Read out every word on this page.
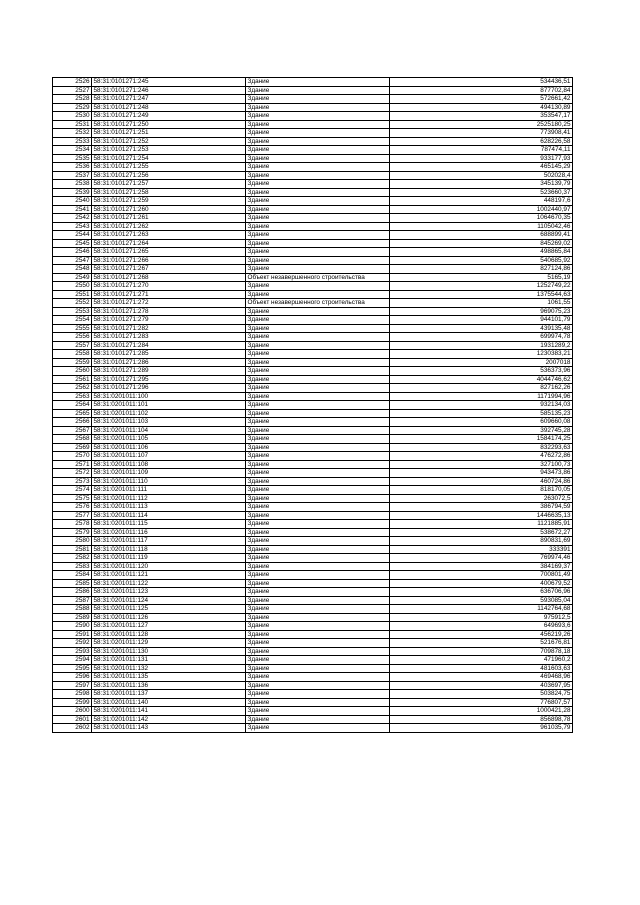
2526	58:31:0101271:245	Здание	534436,51
2527	58:31:0101271:246	Здание	877702,84
2528	58:31:0101271:247	Здание	572661,42
2529	58:31:0101271:248	Здание	494130,89
2530	58:31:0101271:249	Здание	353547,17
2531	58:31:0101271:250	Здание	2525180,25
2532	58:31:0101271:251	Здание	773908,41
2533	58:31:0101271:252	Здание	628226,58
2534	58:31:0101271:253	Здание	787474,11
2535	58:31:0101271:254	Здание	933177,93
2536	58:31:0101271:255	Здание	465145,29
2537	58:31:0101271:256	Здание	502028,4
2538	58:31:0101271:257	Здание	345139,79
2539	58:31:0101271:258	Здание	523660,37
2540	58:31:0101271:259	Здание	448197,6
2541	58:31:0101271:260	Здание	1002440,97
2542	58:31:0101271:261	Здание	1064670,35
2543	58:31:0101271:262	Здание	1105042,46
2544	58:31:0101271:263	Здание	688899,41
2545	58:31:0101271:264	Здание	845269,02
2546	58:31:0101271:265	Здание	498865,84
2547	58:31:0101271:266	Здание	540685,92
2548	58:31:0101271:267	Здание	827124,86
2549	58:31:0101271:268	Объект незавершенного строительства	5165,19
2550	58:31:0101271:270	Здание	1252749,22
2551	58:31:0101271:271	Здание	1375544,63
2552	58:31:0101271:272	Объект незавершенного строительства	1061,55
2553	58:31:0101271:278	Здание	969075,23
2554	58:31:0101271:279	Здание	944101,79
2555	58:31:0101271:282	Здание	439135,48
2556	58:31:0101271:283	Здание	699974,78
2557	58:31:0101271:284	Здание	1931289,2
2558	58:31:0101271:285	Здание	1230383,21
2559	58:31:0101271:286	Здание	2007018
2560	58:31:0101271:289	Здание	536373,96
2561	58:31:0101271:295	Здание	4044746,62
2562	58:31:0101271:296	Здание	827162,26
2563	58:31:0201011:100	Здание	1171994,96
2564	58:31:0201011:101	Здание	932134,03
2565	58:31:0201011:102	Здание	585135,23
2566	58:31:0201011:103	Здание	609660,08
2567	58:31:0201011:104	Здание	392745,28
2568	58:31:0201011:105	Здание	1584174,25
2569	58:31:0201011:106	Здание	832293,63
2570	58:31:0201011:107	Здание	476272,86
2571	58:31:0201011:108	Здание	327100,73
2572	58:31:0201011:109	Здание	943473,86
2573	58:31:0201011:110	Здание	460724,86
2574	58:31:0201011:111	Здание	818170,05
2575	58:31:0201011:112	Здание	263072,5
2576	58:31:0201011:113	Здание	386794,59
2577	58:31:0201011:114	Здание	1446635,13
2578	58:31:0201011:115	Здание	1121885,91
2579	58:31:0201011:116	Здание	538672,27
2580	58:31:0201011:117	Здание	890831,69
2581	58:31:0201011:118	Здание	333391
2582	58:31:0201011:119	Здание	769974,46
2583	58:31:0201011:120	Здание	384169,37
2584	58:31:0201011:121	Здание	700801,49
2585	58:31:0201011:122	Здание	400679,52
2586	58:31:0201011:123	Здание	636706,96
2587	58:31:0201011:124	Здание	593085,04
2588	58:31:0201011:125	Здание	1142764,68
2589	58:31:0201011:126	Здание	975912,5
2590	58:31:0201011:127	Здание	649693,6
2591	58:31:0201011:128	Здание	456219,26
2592	58:31:0201011:129	Здание	521676,81
2593	58:31:0201011:130	Здание	709878,18
2594	58:31:0201011:131	Здание	471960,2
2595	58:31:0201011:132	Здание	481603,63
2596	58:31:0201011:135	Здание	469468,96
2597	58:31:0201011:136	Здание	403697,95
2598	58:31:0201011:137	Здание	503824,75
2599	58:31:0201011:140	Здание	776807,57
2600	58:31:0201011:141	Здание	1000421,28
2601	58:31:0201011:142	Здание	856898,78
2602	58:31:0201011:143	Здание	961035,79
